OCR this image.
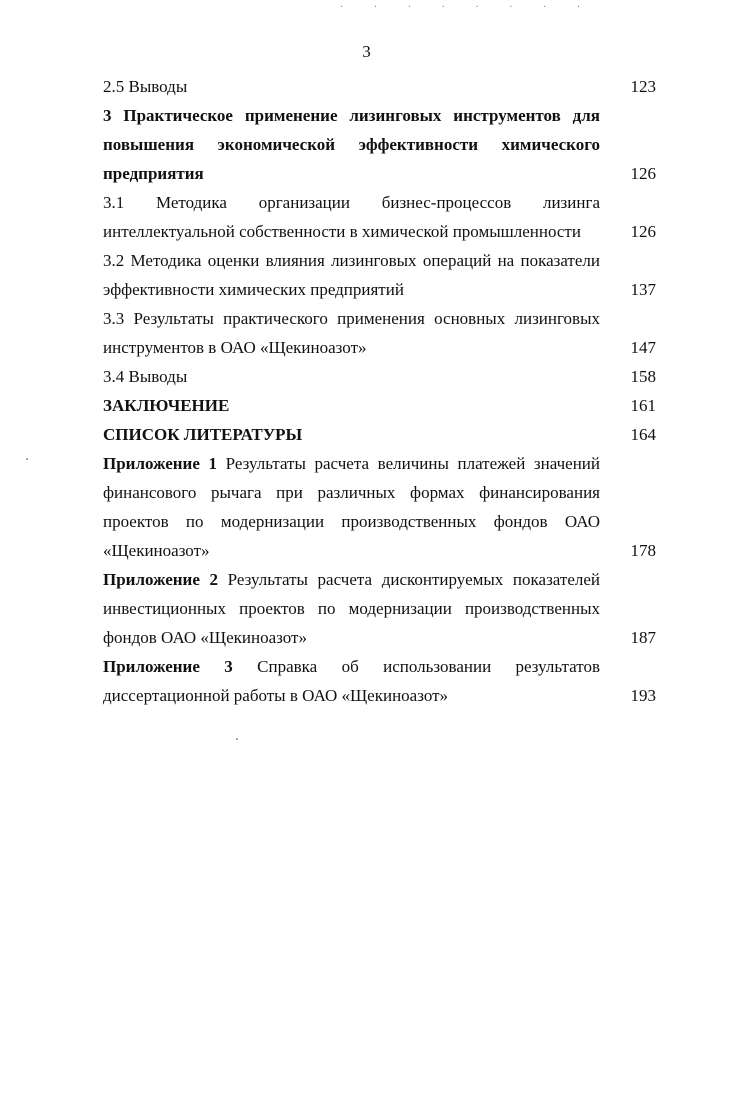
· · · · · · · ·
3
2.5 Выводы	123
3 Практическое применение лизинговых инструментов для повышения экономической эффективности химического предприятия	126
3.1 Методика организации бизнес-процессов лизинга интеллектуальной собственности в химической промышленности	126
3.2 Методика оценки влияния лизинговых операций на показатели эффективности химических предприятий	137
3.3 Результаты практического применения основных лизинговых инструментов в ОАО «Щекиноазот»	147
3.4 Выводы	158
ЗАКЛЮЧЕНИЕ	161
СПИСОК ЛИТЕРАТУРЫ	164
Приложение 1 Результаты расчета величины платежей значений финансового рычага при различных формах финансирования проектов по модернизации производственных фондов ОАО «Щекиноазот»	178
Приложение 2 Результаты расчета дисконтируемых показателей инвестиционных проектов по модернизации производственных фондов ОАО «Щекиноазот»	187
Приложение 3 Справка об использовании результатов диссертационной работы в ОАО «Щекиноазот»	193
